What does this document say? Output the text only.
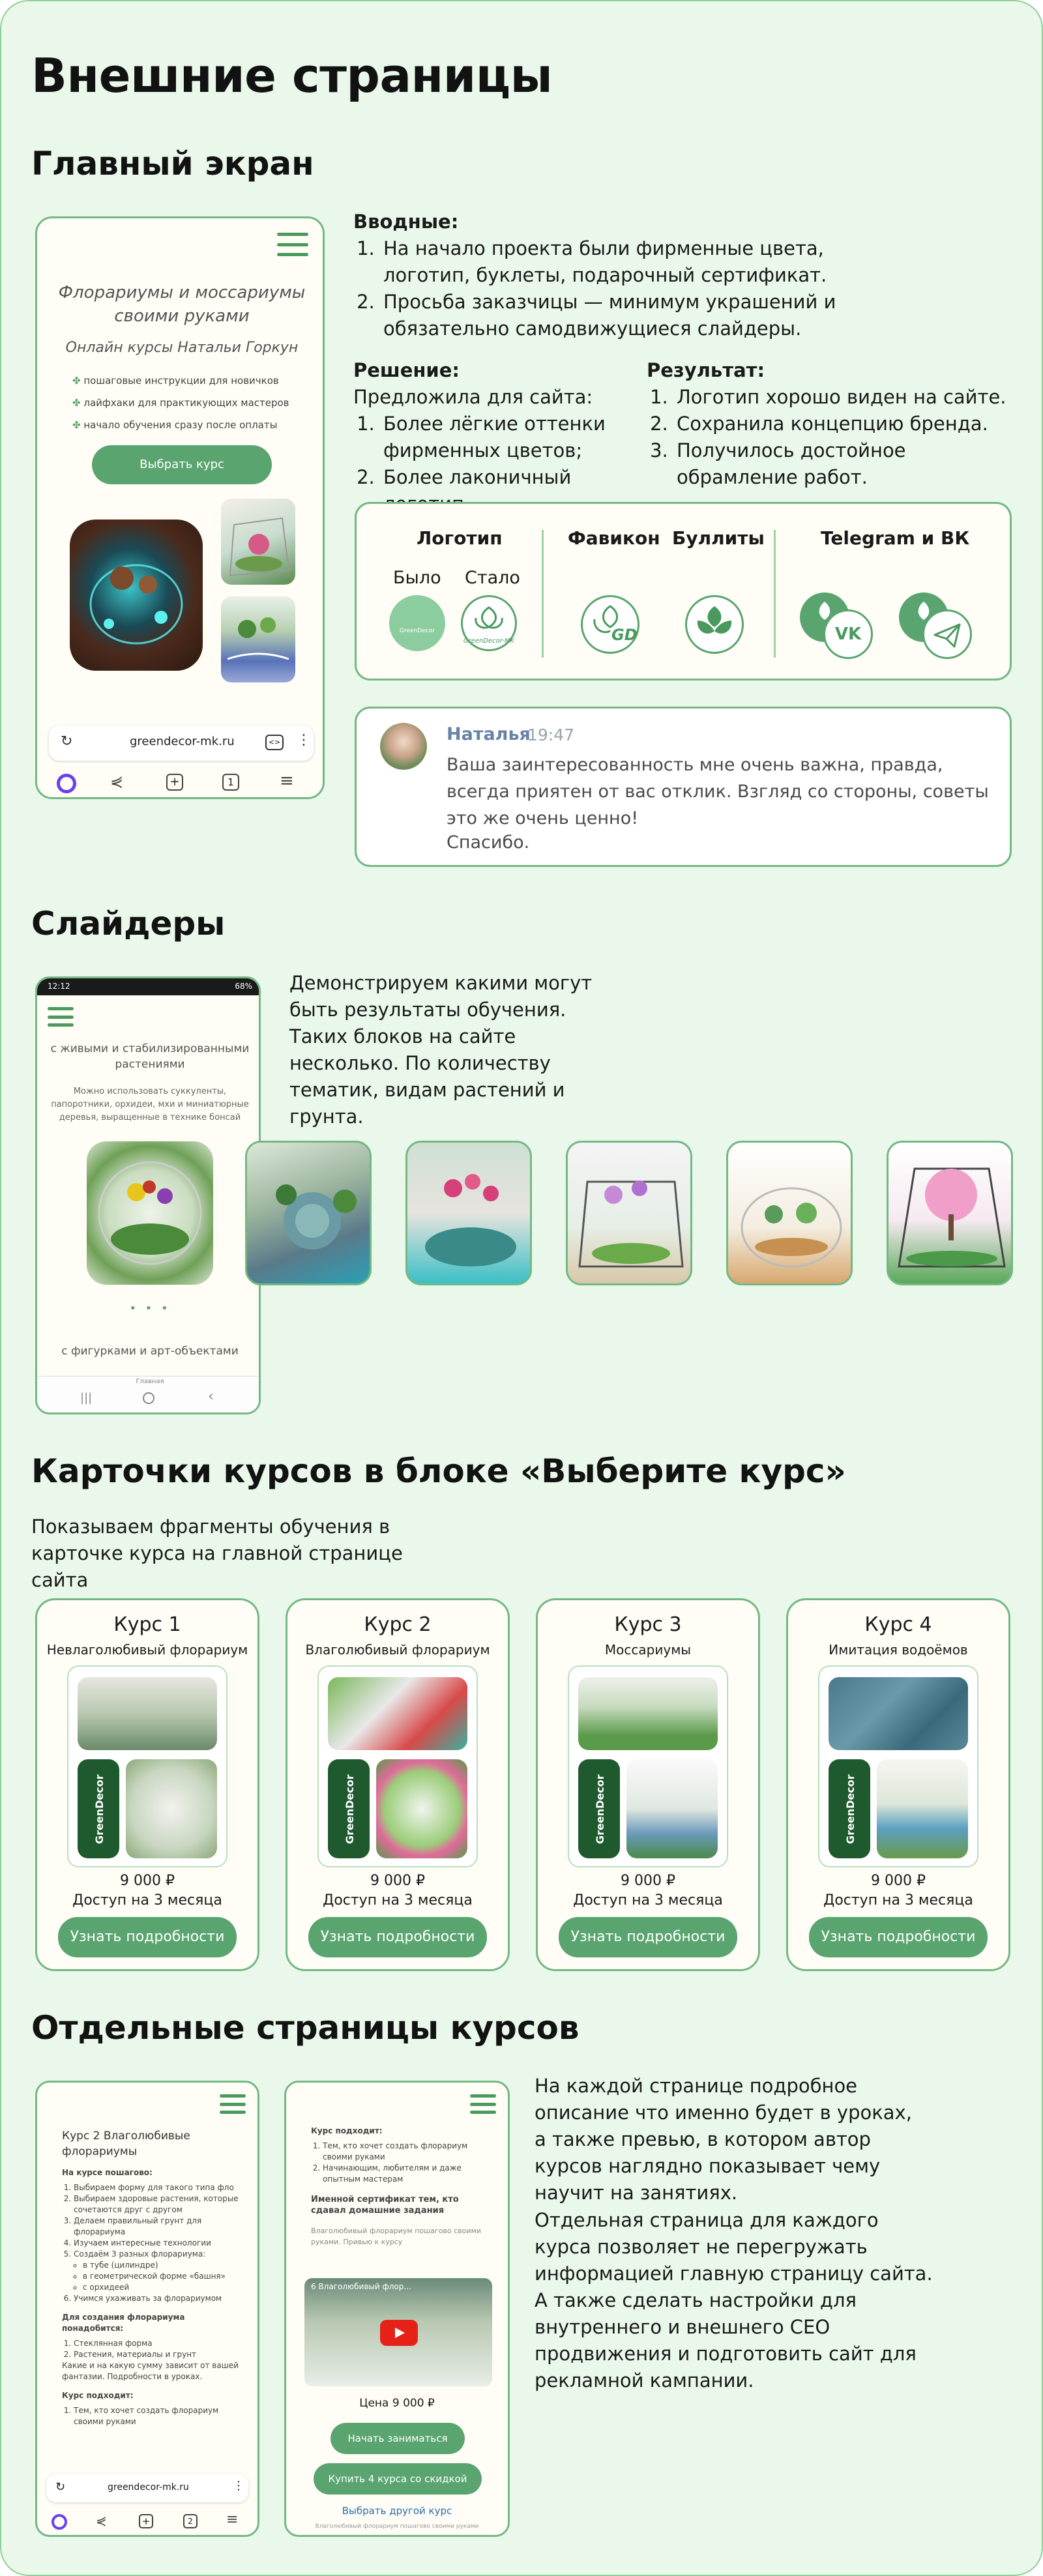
Внешние страницы
Главный экран
Флорариумы и моссариумы своими руками
Онлайн курсы Натальи Горкун
✤ пошаговые инструкции для новичков
✤ лайфхаки для практикующих мастеров
✤ начало обучения сразу после оплаты
Выбрать курс
↻	greendecor-mk.ru	<> ⋮
⋞	+	1	≡
Вводные:
1. На начало проекта были фирменные цвета, логотип, буклеты, подарочный сертификат.
2. Просьба заказчицы — минимум украшений и обязательно самодвижущиеся слайдеры.
Решение:
Предложила для сайта:
1. Более лёгкие оттенки фирменных цветов;
2. Более лаконичный
Результат:
1. Логотип хорошо виден на сайте.
2. Сохранила концепцию бренда.
3. Получилось достойное обрамление работ.
Логотип
Было Стало
GreenDecor
GreenDecor-MK
Фавикон
GD
Буллиты	Telegram и ВК
VK
Наталья
19:47
Ваша заинтересованность мне очень важна, правда, всегда приятен от вас отклик. Взгляд со стороны, советы это же очень ценно!
Спасибо.
Слайдеры
12:12	68%
с живыми и стабилизированными растениями
Можно использовать суккуленты, папоротники, орхидеи, мхи и миниатюрные деревья, выращенные в технике бонсай
• • •
с фигурками и арт-объектами
Главная
|||	‹
Демонстрируем какими могут быть результаты обучения. Таких блоков на сайте несколько. По количеству тематик, видам растений и грунта.
Карточки курсов в блоке «Выберите курс»
Показываем фрагменты обучения в карточке курса на главной странице сайта
Курс 1
Невлаголюбивый флорариум
GreenDecor
9 000 ₽
Доступ на 3 месяца
Узнать подробности
Курс 2
Влаголюбивый флорариум
GreenDecor
9 000 ₽
Доступ на 3 месяца
Узнать подробности
Курс 3
Моссариумы
GreenDecor
9 000 ₽
Доступ на 3 месяца
Узнать подробности
Курс 4
Имитация водоёмов
GreenDecor
9 000 ₽
Доступ на 3 месяца
Узнать подробности
Отдельные страницы курсов
Курс 2 Влаголюбивые флорариумы
На курсе пошагово:
1. Выбираем форму для такого типа фло
2. Выбираем здоровые растения, которые сочетаются друг с другом
3. Делаем правильный грунт для флорариума
4. Изучаем интересные технологии
5. Создаём 3 разных флорариума:
◦ в тубе (цилиндре)
◦ в геометрической форме «башня»
◦ с орхидеей
6. Учимся ухаживать за флорариумом
Для создания флорариума понадобится:
1. Стеклянная форма
2. Растения, материалы и грунт
Какие и на какую сумму зависит от вашей фантазии. Подробности в уроках.
Курс подходит:
1. Тем, кто хочет создать флорариум своими руками
↻	greendecor-mk.ru	⋮
⋞	+	2	≡
Курс подходит:
1. Тем, кто хочет создать флорариум своими руками
2. Начинающим, любителям и даже опытным мастерам
Именной сертификат тем, кто сдавал домашние задания
Влаголюбивый флорариум пошагово своими руками. Привью к курсу
6 Влаголюбивый флор...
Цена 9 000 ₽
Начать заниматься
Купить 4 курса со скидкой
Выбрать другой курс
Влаголюбивый флорариум пошагово своими руками
На каждой странице подробное описание что именно будет в уроках, а также превью, в котором автор курсов наглядно показывает чему научит на занятиях.
Отдельная страница для каждого курса позволяет не перегружать информацией главную страницу сайта. А также сделать настройки для внутреннего и внешнего СЕО продвижения и подготовить сайт для рекламной кампании.
